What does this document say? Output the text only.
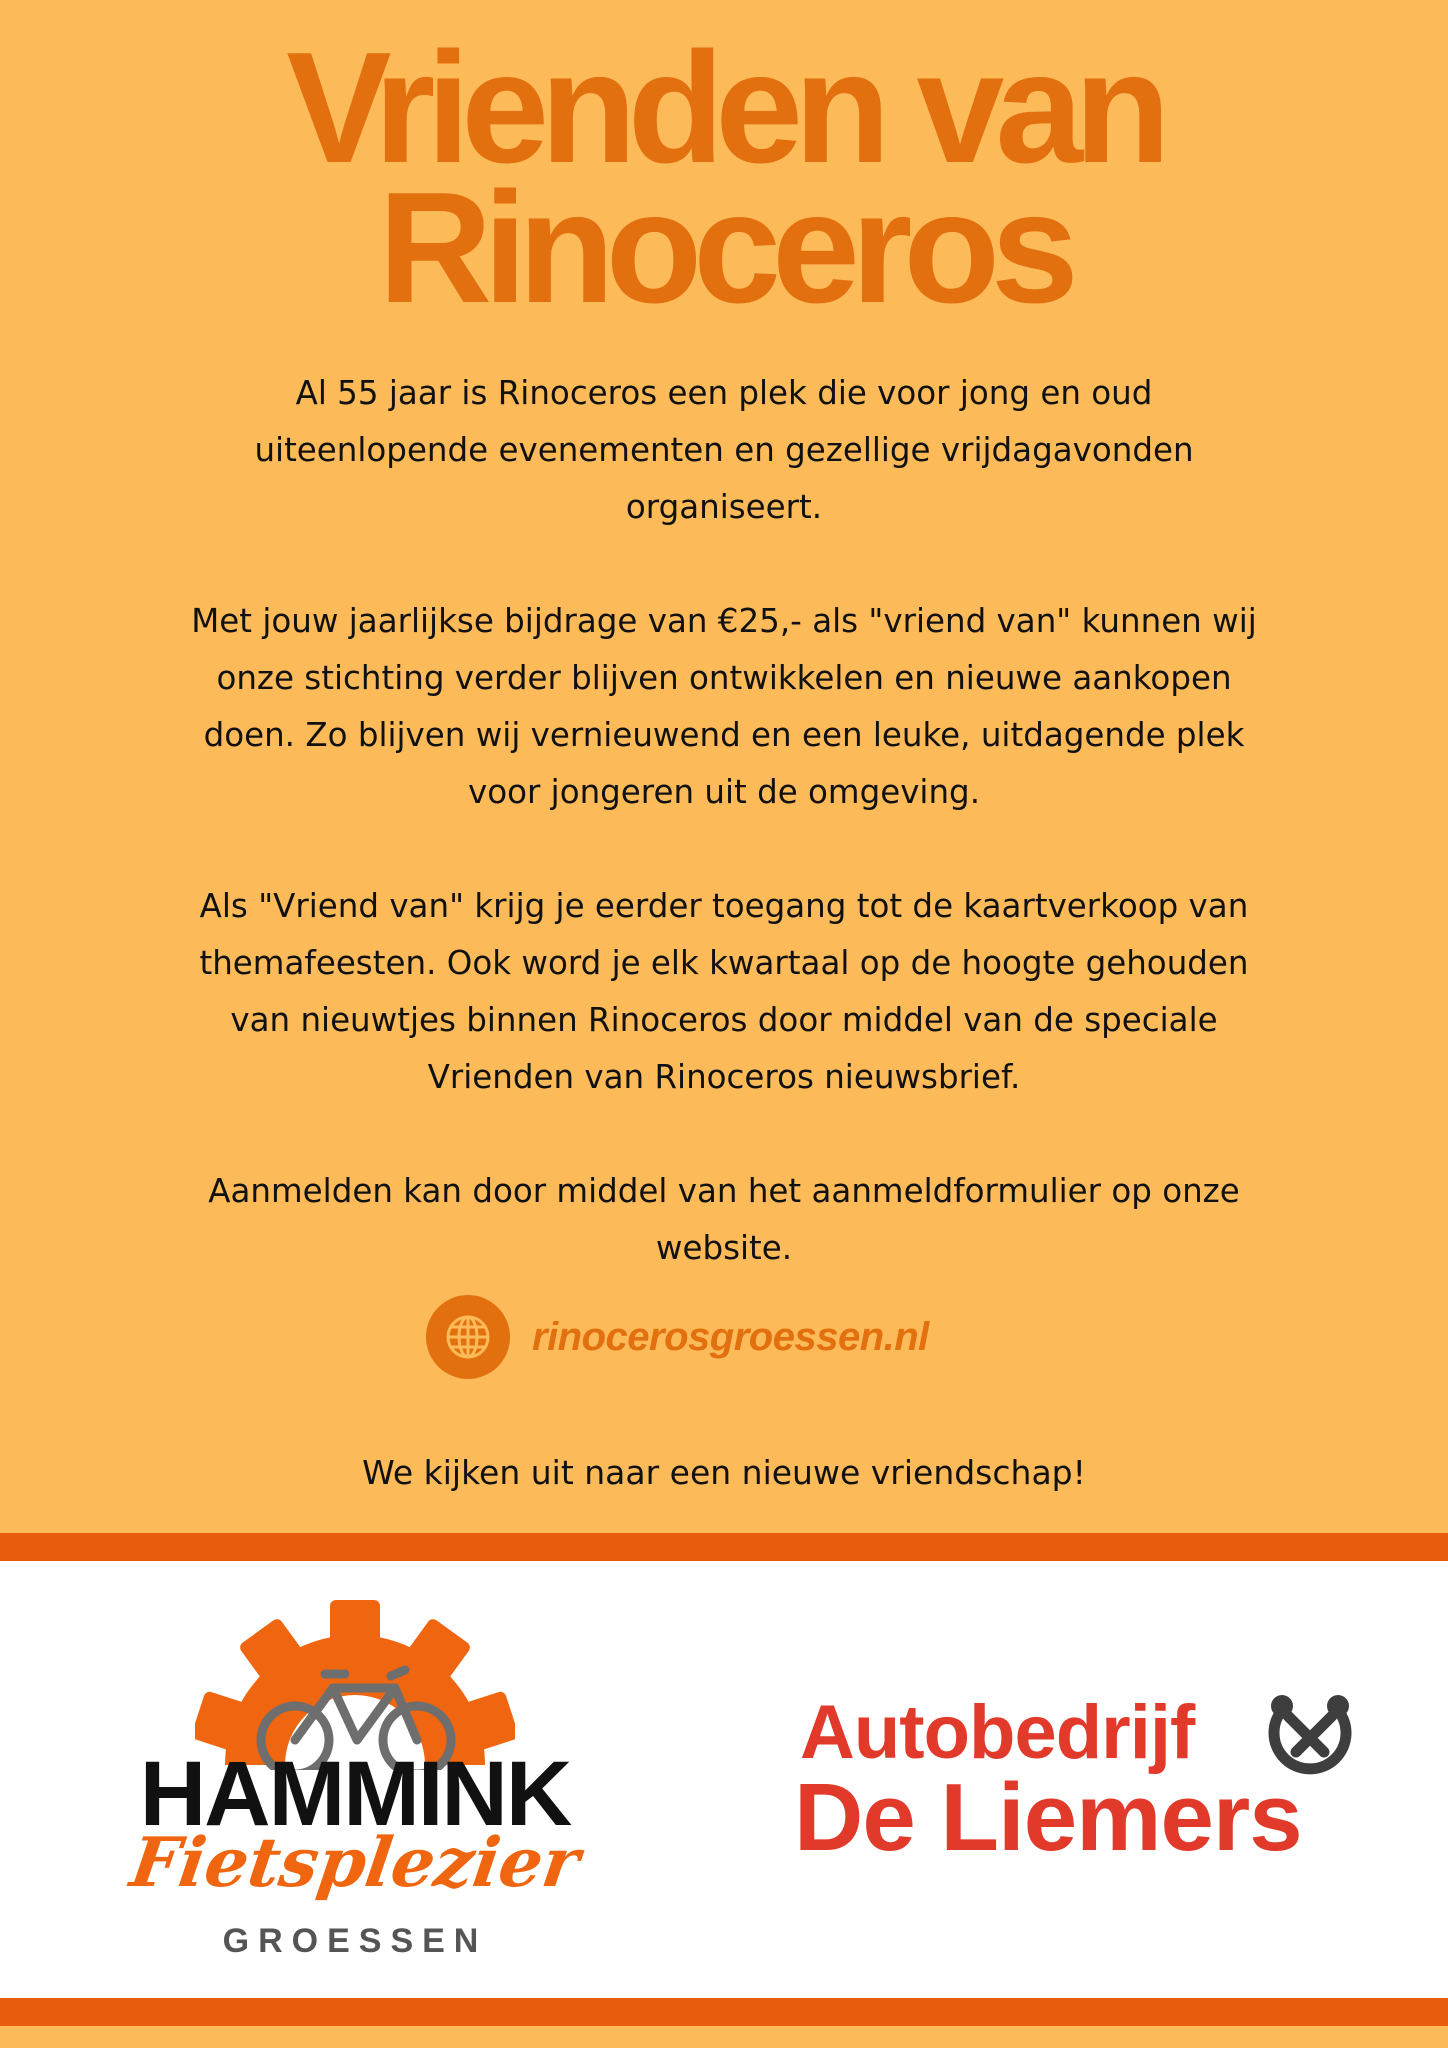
Vrienden van
Rinoceros

Al 55 jaar is Rinoceros een plek die voor jong en oud uiteenlopende evenementen en gezellige vrijdagavonden organiseert.

Met jouw jaarlijkse bijdrage van €25,- als "vriend van" kunnen wij onze stichting verder blijven ontwikkelen en nieuwe aankopen doen. Zo blijven wij vernieuwend en een leuke, uitdagende plek voor jongeren uit de omgeving.

Als "Vriend van" krijg je eerder toegang tot de kaartverkoop van themafeesten. Ook word je elk kwartaal op de hoogte gehouden van nieuwtjes binnen Rinoceros door middel van de speciale Vrienden van Rinoceros nieuwsbrief.

Aanmelden kan door middel van het aanmeldformulier op onze website.

rinocerosgroessen.nl
We kijken uit naar een nieuwe vriendschap!
HAMMINK
Fietsplezier
GROESSEN
Autobedrijf
De Liemers
